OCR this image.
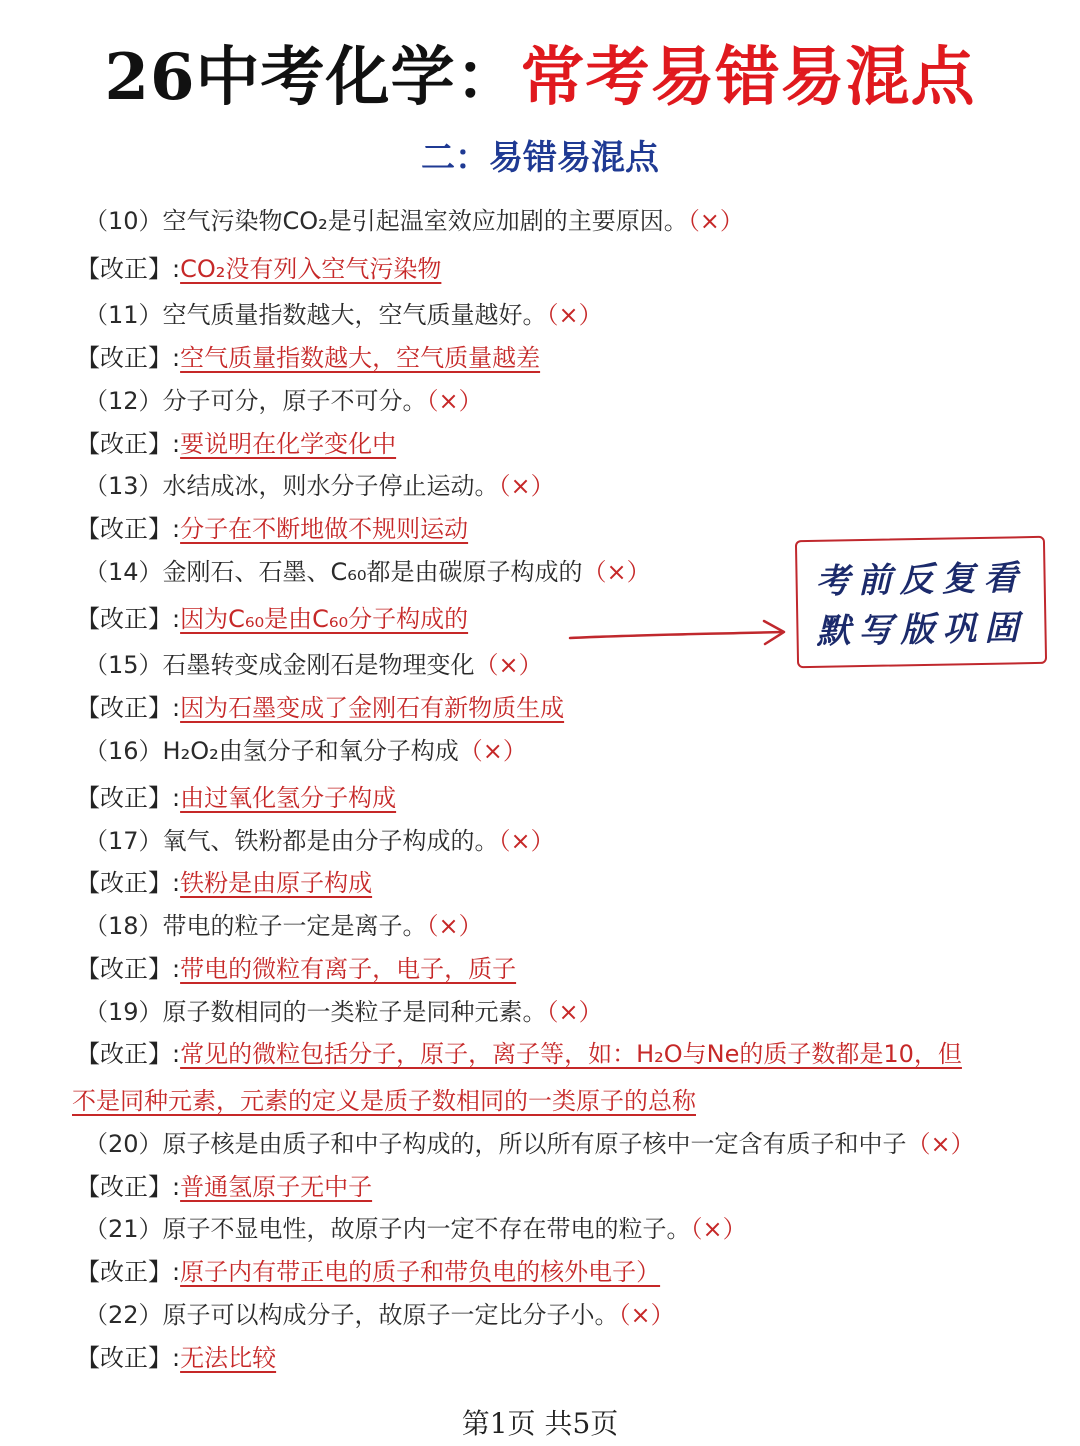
26中考化学：常考易错易混点
二：易错易混点
（10）空气污染物CO₂是引起温室效应加剧的主要原因。（×）
【改正】:CO₂没有列入空气污染物
（11）空气质量指数越大，空气质量越好。（×）
【改正】:空气质量指数越大，空气质量越差
（12）分子可分，原子不可分。（×）
【改正】:要说明在化学变化中
（13）水结成冰，则水分子停止运动。（×）
【改正】:分子在不断地做不规则运动
（14）金刚石、石墨、C₆₀都是由碳原子构成的（×）
【改正】:因为C₆₀是由C₆₀分子构成的
（15）石墨转变成金刚石是物理变化（×）
【改正】:因为石墨变成了金刚石有新物质生成
（16）H₂O₂由氢分子和氧分子构成（×）
【改正】:由过氧化氢分子构成
（17）氧气、铁粉都是由分子构成的。（×）
【改正】:铁粉是由原子构成
（18）带电的粒子一定是离子。（×）
【改正】:带电的微粒有离子，电子，质子
（19）原子数相同的一类粒子是同种元素。（×）
【改正】:常见的微粒包括分子，原子，离子等，如：H₂O与Ne的质子数都是10，但
不是同种元素，元素的定义是质子数相同的一类原子的总称
（20）原子核是由质子和中子构成的，所以所有原子核中一定含有质子和中子（×）
【改正】:普通氢原子无中子
（21）原子不显电性，故原子内一定不存在带电的粒子。（×）
【改正】:原子内有带正电的质子和带负电的核外电子）
（22）原子可以构成分子，故原子一定比分子小。（×）
【改正】:无法比较
考前反复看
默写版巩固
第1页 共5页
